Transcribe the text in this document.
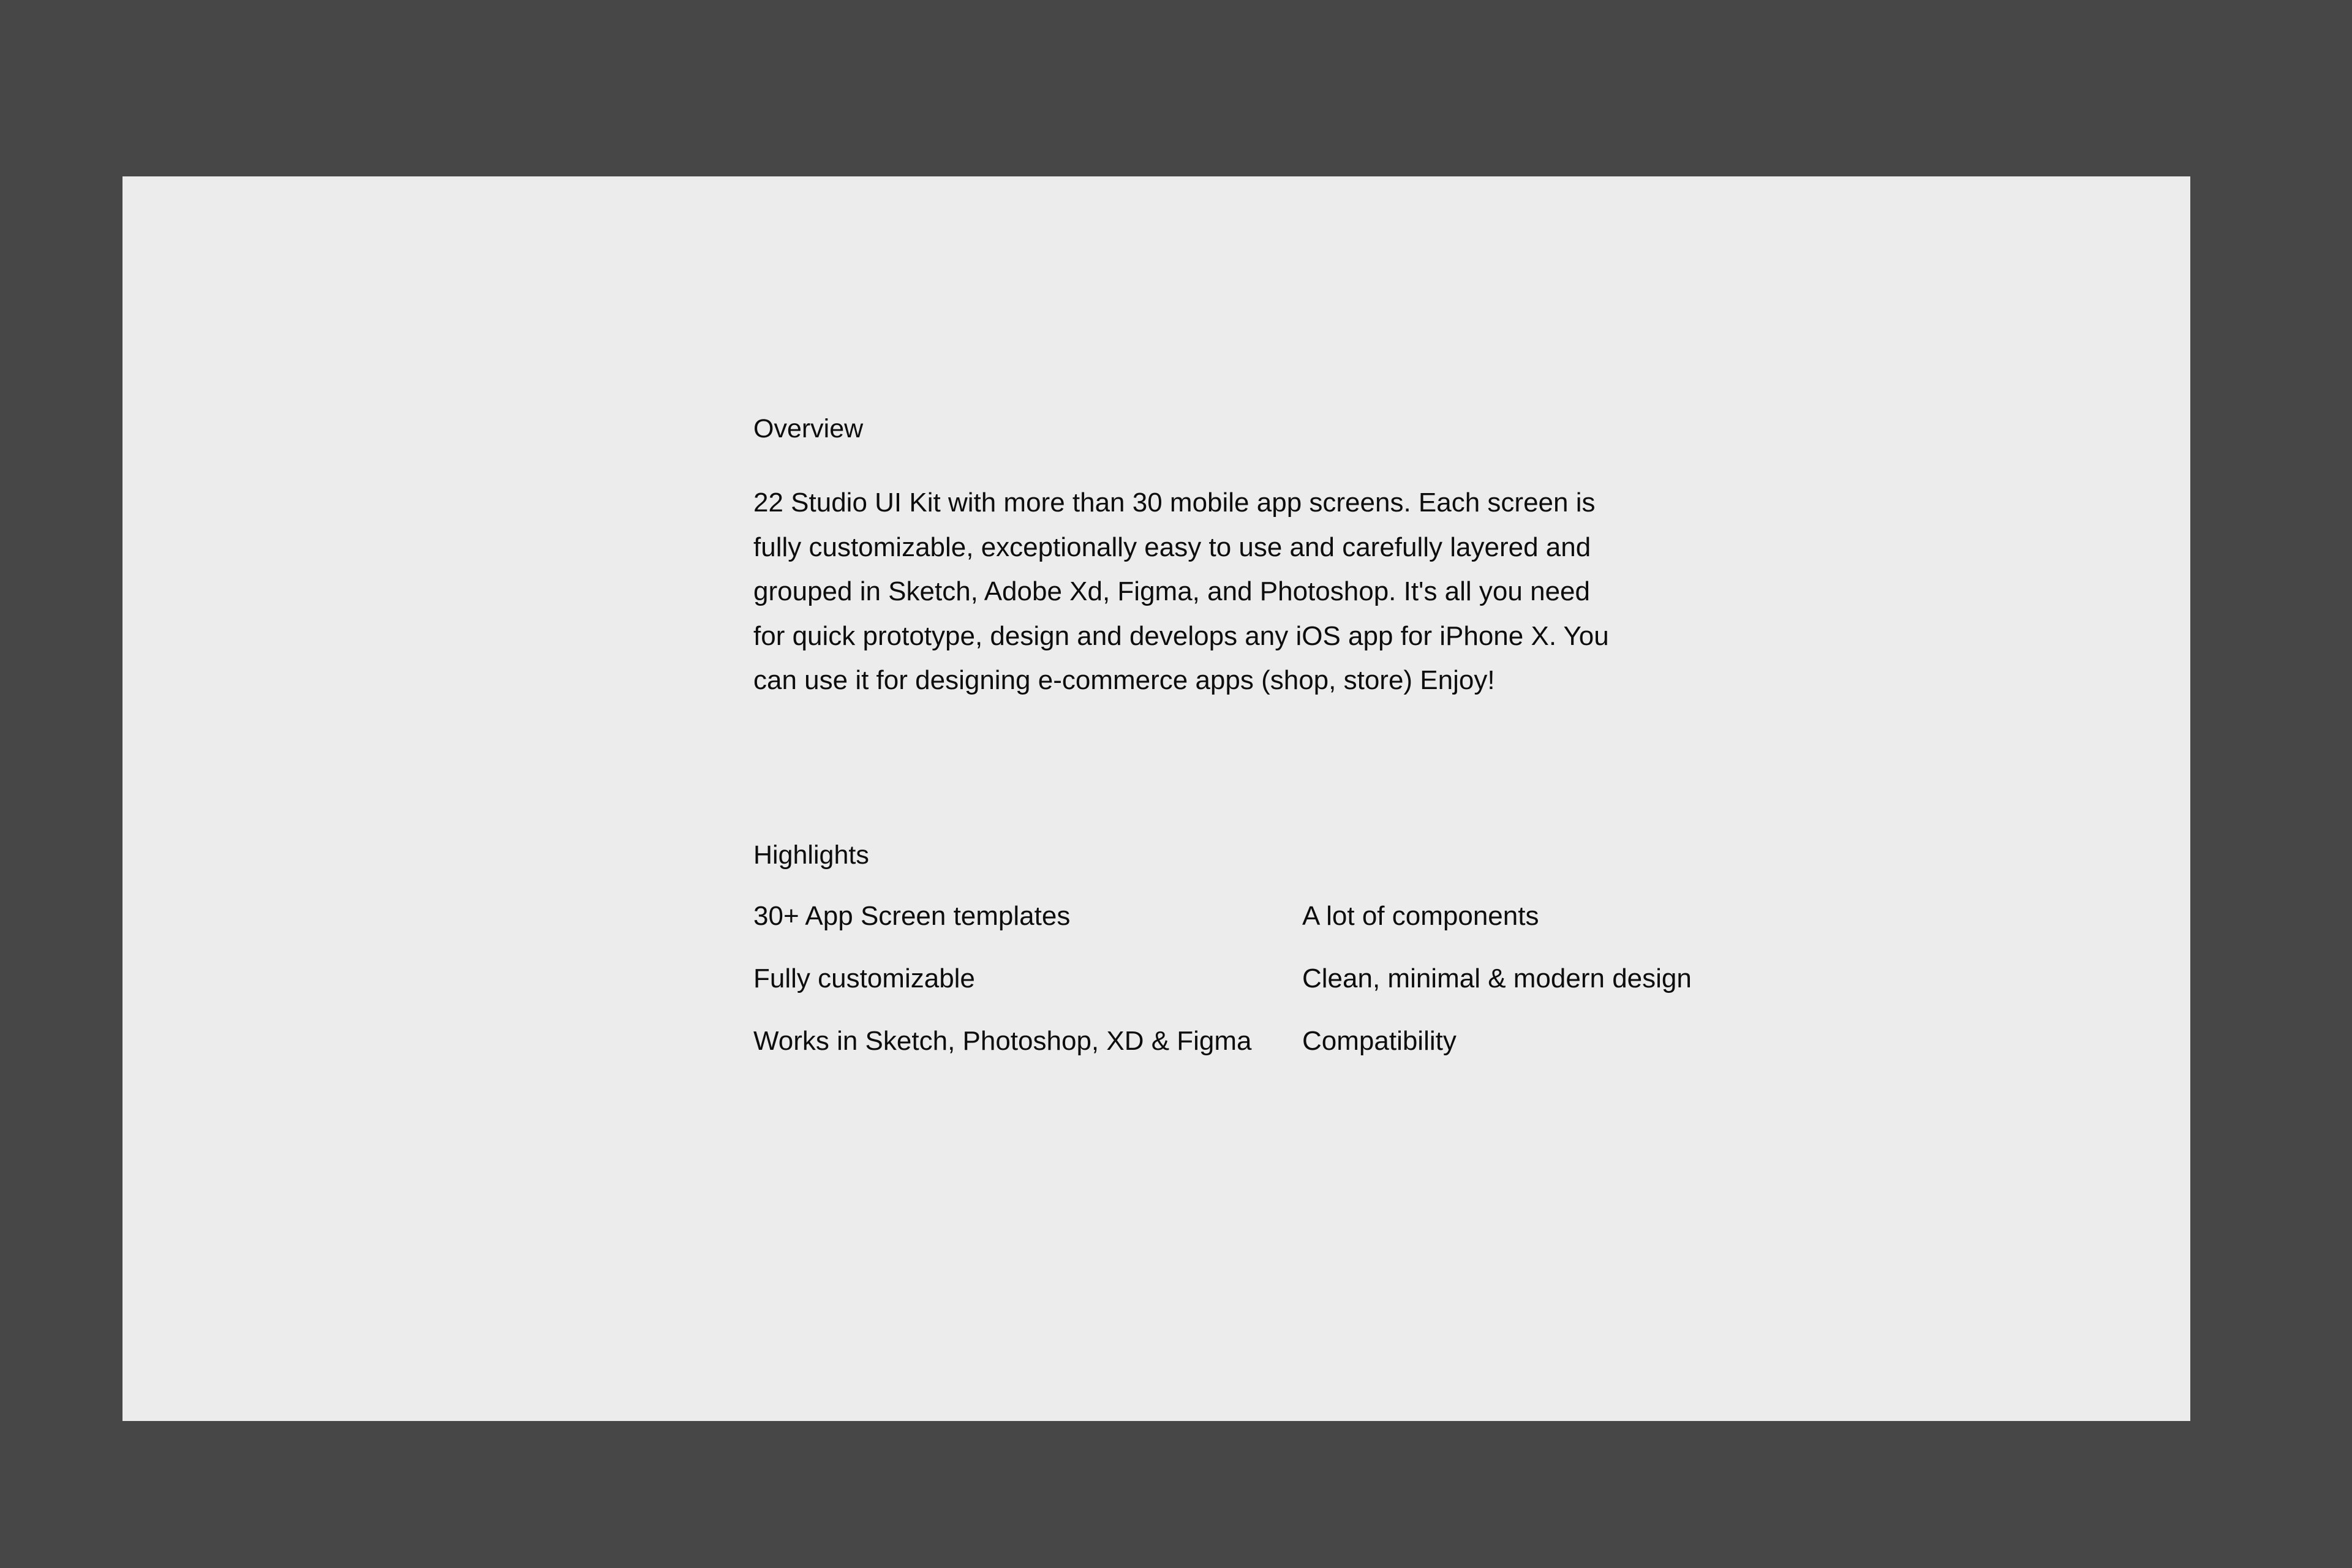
Overview

22 Studio UI Kit with more than 30 mobile app screens. Each screen is fully customizable, exceptionally easy to use and carefully layered and grouped in Sketch, Adobe Xd, Figma, and Photoshop. It's all you need for quick prototype, design and develops any iOS app for iPhone X. You can use it for designing e-commerce apps (shop, store) Enjoy!

Highlights
30+ App Screen templates	A lot of components
Fully customizable	Clean, minimal & modern design
Works in Sketch, Photoshop, XD & Figma	Compatibility
